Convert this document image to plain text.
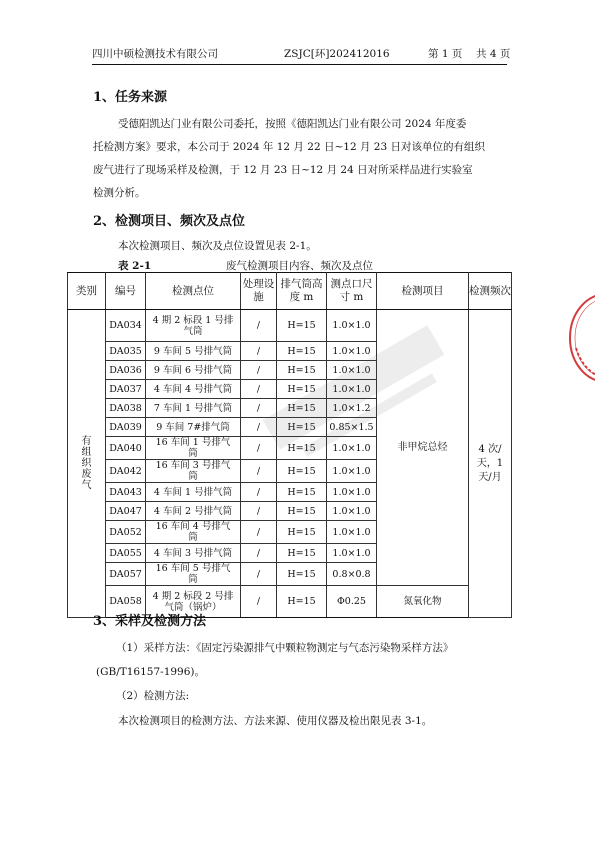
四川中硕检测技术有限公司	ZSJC[环]202412016	第 1 页 共 4 页
1、任务来源
受德阳凯达门业有限公司委托，按照《德阳凯达门业有限公司 2024 年度委
托检测方案》要求，本公司于 2024 年 12 月 22 日~12 月 23 日对该单位的有组织
废气进行了现场采样及检测，于 12 月 23 日~12 月 24 日对所采样品进行实验室
检测分析。
2、检测项目、频次及点位
本次检测项目、频次及点位设置见表 2-1。
表 2-1	废气检测项目内容、频次及点位
类别	编号	检测点位	处理设施	排气筒高度 m	测点口尺寸 m	检测项目	检测频次
有组织废气	DA034	4 期 2 标段 1 号排气筒	/	H=15	1.0×1.0	非甲烷总烃	4 次/天，1 天/月
	DA035	9 车间 5 号排气筒	/	H=15	1.0×1.0		
	DA036	9 车间 6 号排气筒	/	H=15	1.0×1.0		
	DA037	4 车间 4 号排气筒	/	H=15	1.0×1.0		
	DA038	7 车间 1 号排气筒	/	H=15	1.0×1.2		
	DA039	9 车间 7#排气筒	/	H=15	0.85×1.5		
	DA040	16 车间 1 号排气筒	/	H=15	1.0×1.0		
	DA042	16 车间 3 号排气筒	/	H=15	1.0×1.0		
	DA043	4 车间 1 号排气筒	/	H=15	1.0×1.0		
	DA047	4 车间 2 号排气筒	/	H=15	1.0×1.0		
	DA052	16 车间 4 号排气筒	/	H=15	1.0×1.0		
	DA055	4 车间 3 号排气筒	/	H=15	1.0×1.0		
	DA057	16 车间 5 号排气筒	/	H=15	0.8×0.8		
	DA058	4 期 2 标段 2 号排气筒（锅炉）	/	H=15	Φ0.25	氮氧化物	
3、采样及检测方法
（1）采样方法：《固定污染源排气中颗粒物测定与气态污染物采样方法》
(GB/T16157-1996)。
（2）检测方法:
本次检测项目的检测方法、方法来源、使用仪器及检出限见表 3-1。
